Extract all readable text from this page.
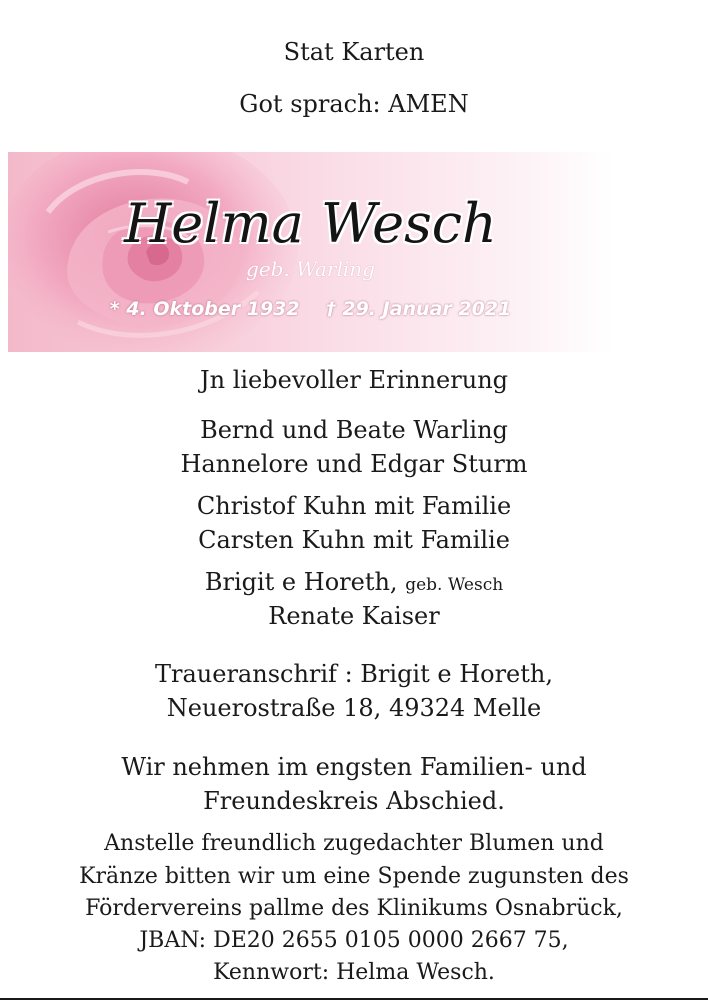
Stat Karten
Got sprach: AMEN
Helma Wesch
geb. Warling
* 4. Oktober 1932 † 29. Januar 2021
Jn liebevoller Erinnerung
Bernd und Beate Warling
Hannelore und Edgar Sturm
Christof Kuhn mit Familie
Carsten Kuhn mit Familie
Brigit e Horeth, geb. Wesch
Renate Kaiser
Traueranschrif : Brigit e Horeth,
Neuerostraße 18, 49324 Melle
Wir nehmen im engsten Familien- und
Freundeskreis Abschied.
Anstelle freundlich zugedachter Blumen und
Kränze bitten wir um eine Spende zugunsten des
Fördervereins pallme des Klinikums Osnabrück,
JBAN: DE20 2655 0105 0000 2667 75,
Kennwort: Helma Wesch.
